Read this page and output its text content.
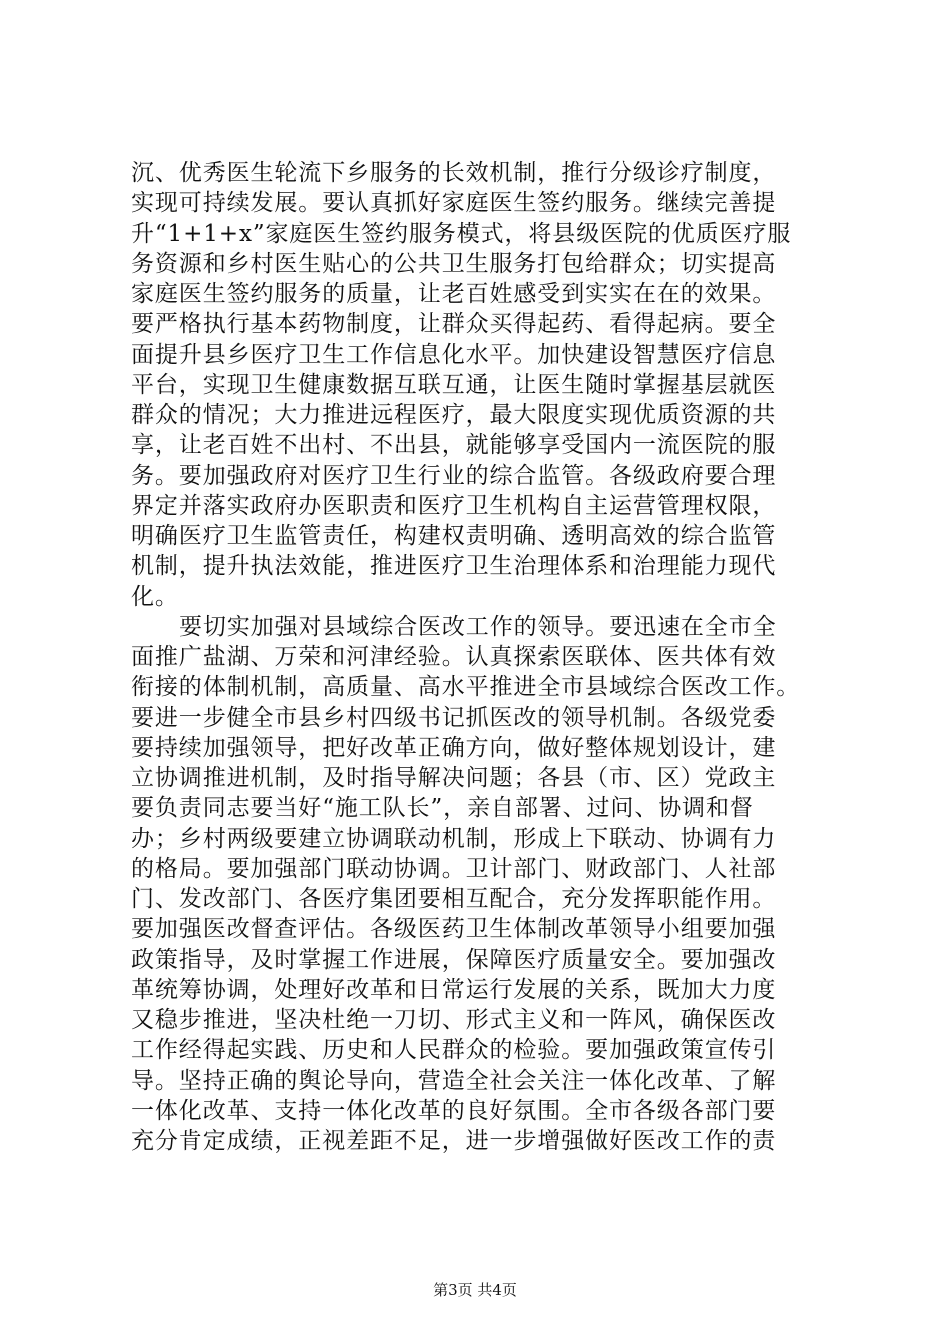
沉、优秀医生轮流下乡服务的长效机制，推行分级诊疗制度，
实现可持续发展。要认真抓好家庭医生签约服务。继续完善提
升“1+1+x”家庭医生签约服务模式，将县级医院的优质医疗服
务资源和乡村医生贴心的公共卫生服务打包给群众；切实提高
家庭医生签约服务的质量，让老百姓感受到实实在在的效果。
要严格执行基本药物制度，让群众买得起药、看得起病。要全
面提升县乡医疗卫生工作信息化水平。加快建设智慧医疗信息
平台，实现卫生健康数据互联互通，让医生随时掌握基层就医
群众的情况；大力推进远程医疗，最大限度实现优质资源的共
享，让老百姓不出村、不出县，就能够享受国内一流医院的服
务。要加强政府对医疗卫生行业的综合监管。各级政府要合理
界定并落实政府办医职责和医疗卫生机构自主运营管理权限，
明确医疗卫生监管责任，构建权责明确、透明高效的综合监管
机制，提升执法效能，推进医疗卫生治理体系和治理能力现代
化。
要切实加强对县域综合医改工作的领导。要迅速在全市全
面推广盐湖、万荣和河津经验。认真探索医联体、医共体有效
衔接的体制机制，高质量、高水平推进全市县域综合医改工作。
要进一步健全市县乡村四级书记抓医改的领导机制。各级党委
要持续加强领导，把好改革正确方向，做好整体规划设计，建
立协调推进机制，及时指导解决问题；各县（市、区）党政主
要负责同志要当好“施工队长”，亲自部署、过问、协调和督
办；乡村两级要建立协调联动机制，形成上下联动、协调有力
的格局。要加强部门联动协调。卫计部门、财政部门、人社部
门、发改部门、各医疗集团要相互配合，充分发挥职能作用。
要加强医改督查评估。各级医药卫生体制改革领导小组要加强
政策指导，及时掌握工作进展，保障医疗质量安全。要加强改
革统筹协调，处理好改革和日常运行发展的关系，既加大力度
又稳步推进，坚决杜绝一刀切、形式主义和一阵风，确保医改
工作经得起实践、历史和人民群众的检验。要加强政策宣传引
导。坚持正确的舆论导向，营造全社会关注一体化改革、了解
一体化改革、支持一体化改革的良好氛围。全市各级各部门要
充分肯定成绩，正视差距不足，进一步增强做好医改工作的责
第3页 共4页
